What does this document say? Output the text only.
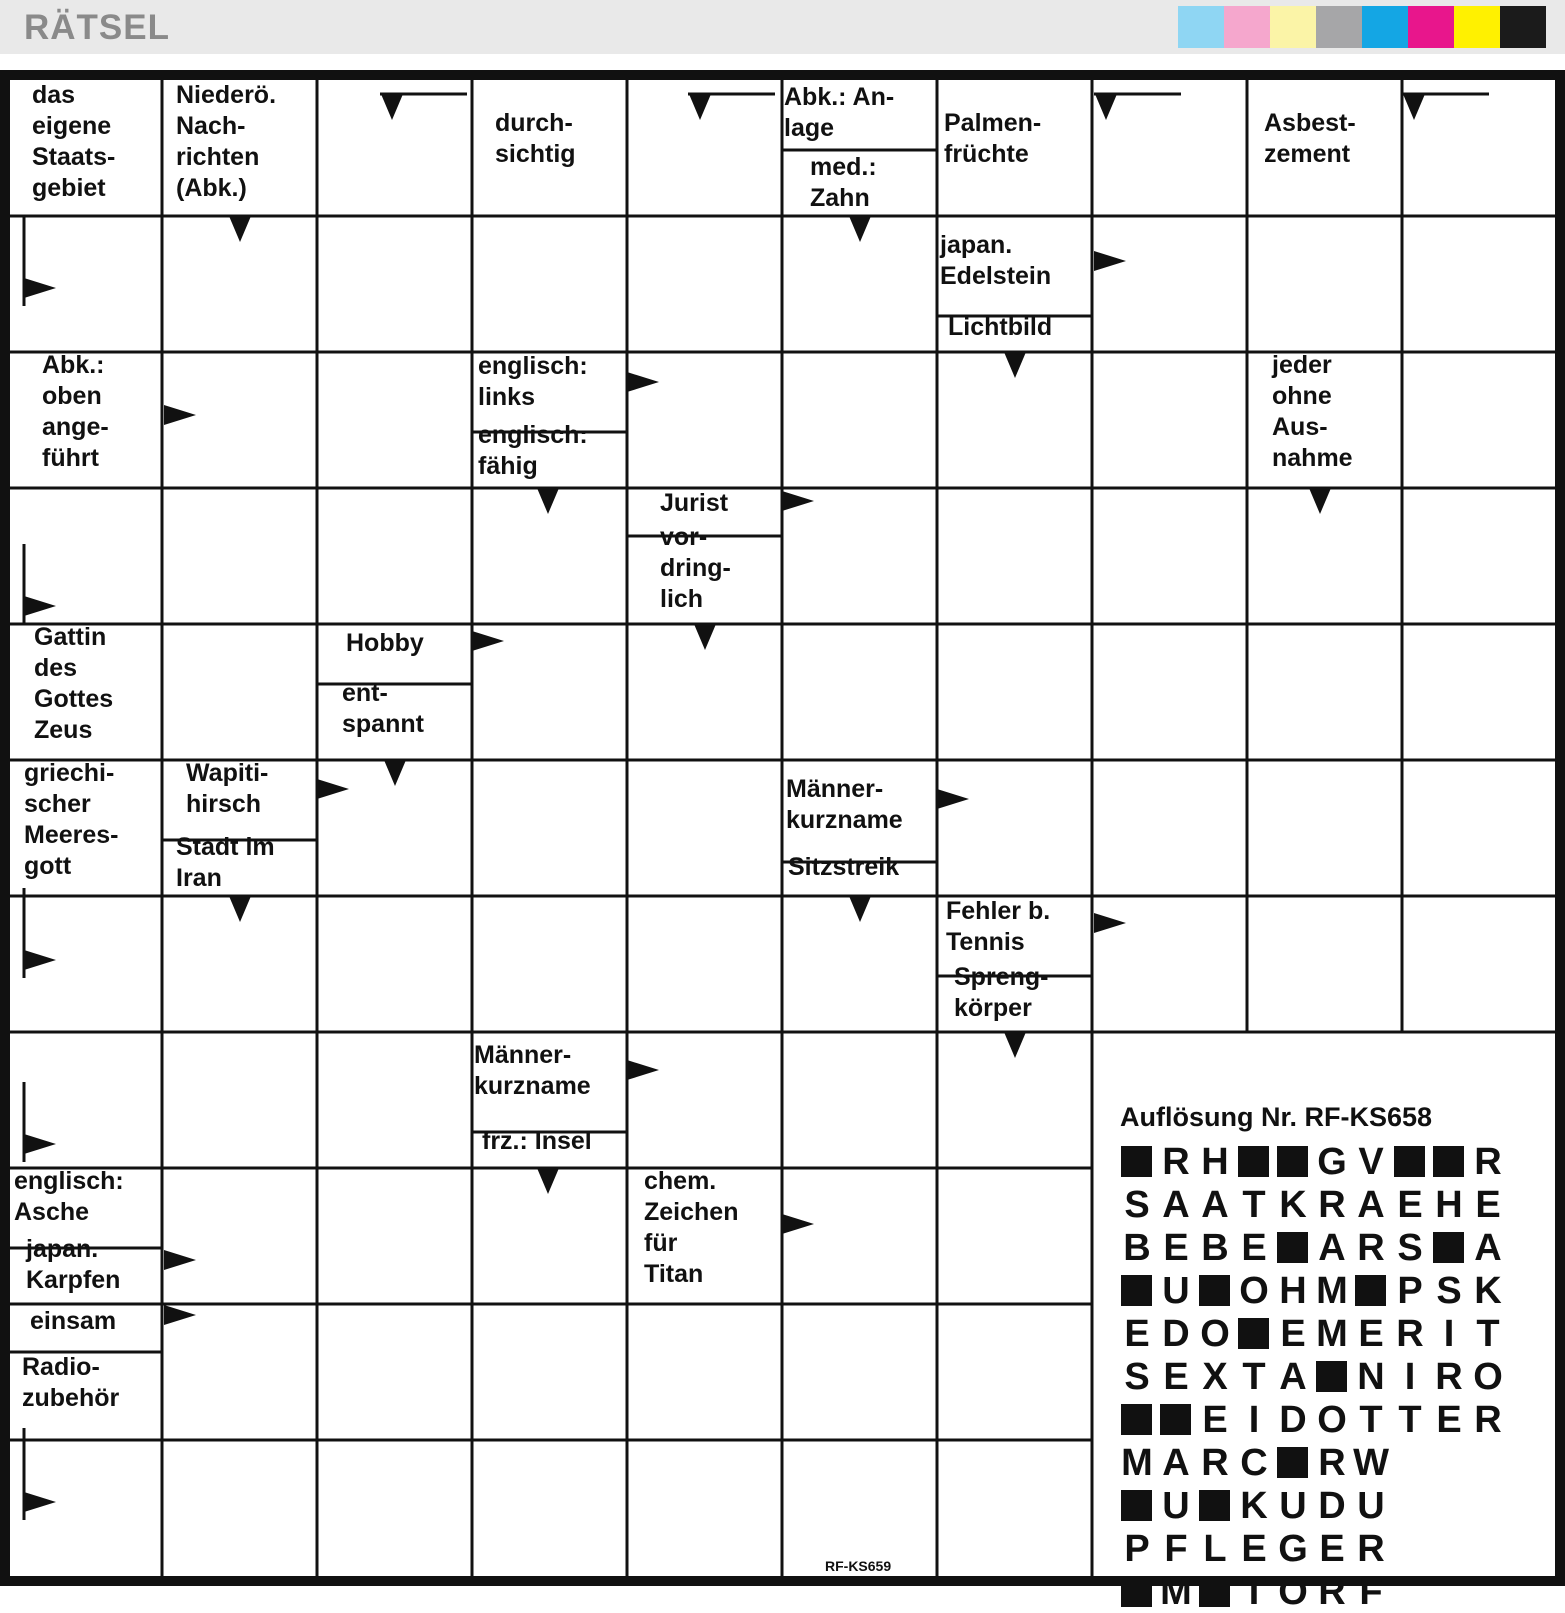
RÄTSEL
das
eigene
Staats-
gebiet
Niederö.
Nach-
richten
(Abk.)
durch-
sichtig
Abk.: An-
lage
med.:
Zahn
Palmen-
früchte
Asbest-
zement
japan.
Edelstein
Lichtbild
Abk.:
oben
ange-
führt
englisch:
links
englisch:
fähig
jeder
ohne
Aus-
nahme
Jurist
vor-
dring-
lich
Gattin
des
Gottes
Zeus
Hobby
ent-
spannt
griechi-
scher
Meeres-
gott
Wapiti-
hirsch
Stadt im
Iran
Männer-
kurzname
Sitzstreik
Fehler b.
Tennis
Spreng-
körper
Männer-
kurzname
frz.: Insel
englisch:
Asche
japan.
Karpfen
chem.
Zeichen
für
Titan
einsam
Radio-
zubehör
Auflösung Nr. RF-KS658
R H G V R
S A A T K R A E H E
B E B E A R S A
U O H M P S K
E D O E M E R I T
S E X T A N I R O
E I D O T T E R
M A R C R W
U K U D U
P F L E G E R
M T O R F
RF-KS659
